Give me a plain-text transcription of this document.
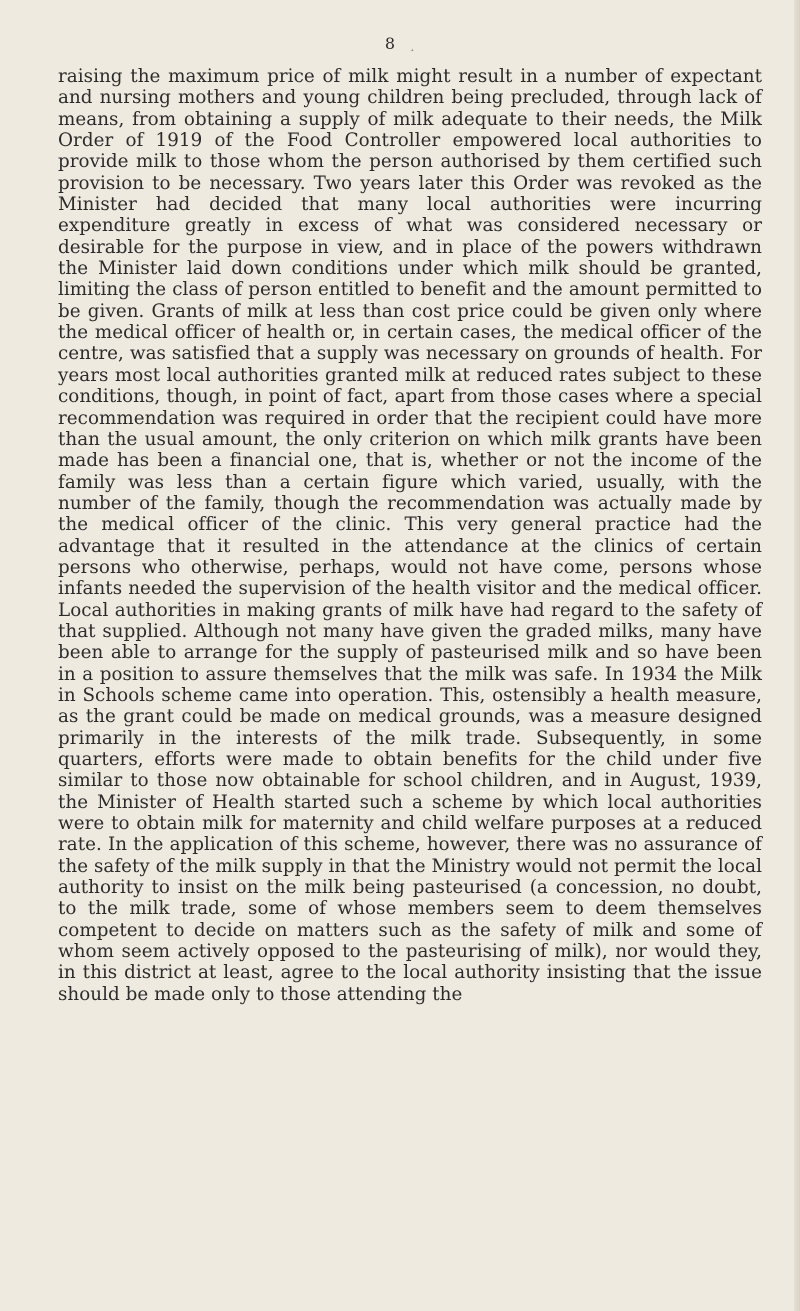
8 ¸

raising the maximum price of milk might result in a number of expectant and nursing mothers and young children being precluded, through lack of means, from obtaining a supply of milk adequate to their needs, the Milk Order of 1919 of the Food Controller empowered local authorities to provide milk to those whom the person authorised by them certified such provision to be necessary. Two years later this Order was revoked as the Minister had decided that many local authorities were incurring expenditure greatly in excess of what was considered necessary or desirable for the purpose in view, and in place of the powers withdrawn the Minister laid down conditions under which milk should be granted, limiting the class of person entitled to benefit and the amount permitted to be given. Grants of milk at less than cost price could be given only where the medical officer of health or, in certain cases, the medical officer of the centre, was satisfied that a supply was necessary on grounds of health. For years most local authorities granted milk at reduced rates subject to these conditions, though, in point of fact, apart from those cases where a special recommendation was required in order that the recipient could have more than the usual amount, the only criterion on which milk grants have been made has been a financial one, that is, whether or not the income of the family was less than a certain figure which varied, usually, with the number of the family, though the recommendation was actually made by the medical officer of the clinic. This very general practice had the advantage that it resulted in the attendance at the clinics of certain persons who otherwise, perhaps, would not have come, persons whose infants needed the supervision of the health visitor and the medical officer. Local authorities in making grants of milk have had regard to the safety of that supplied. Although not many have given the graded milks, many have been able to arrange for the supply of pasteurised milk and so have been in a position to assure themselves that the milk was safe. In 1934 the Milk in Schools scheme came into operation. This, ostensibly a health measure, as the grant could be made on medical grounds, was a measure designed primarily in the interests of the milk trade. Subsequently, in some quarters, efforts were made to obtain benefits for the child under five similar to those now obtainable for school children, and in August, 1939, the Minister of Health started such a scheme by which local authorities were to obtain milk for maternity and child welfare purposes at a reduced rate. In the application of this scheme, however, there was no assurance of the safety of the milk supply in that the Ministry would not permit the local authority to insist on the milk being pasteurised (a concession, no doubt, to the milk trade, some of whose members seem to deem themselves competent to decide on matters such as the safety of milk and some of whom seem actively opposed to the pasteurising of milk), nor would they, in this district at least, agree to the local authority insisting that the issue should be made only to those attending the
